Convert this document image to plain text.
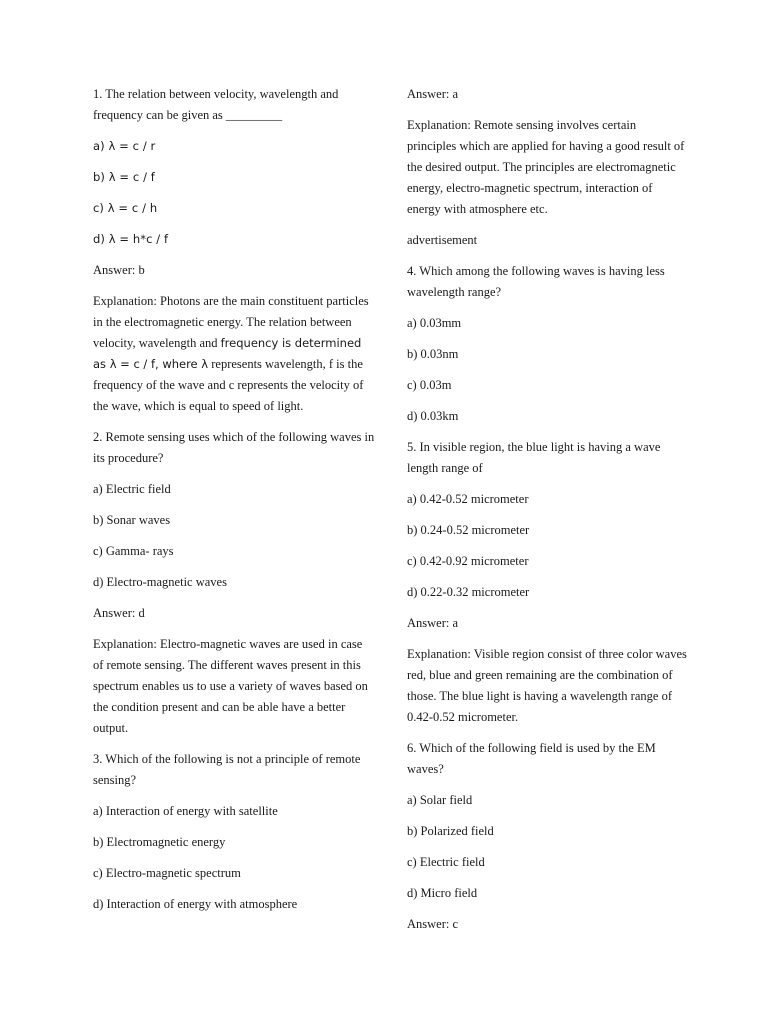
1. The relation between velocity, wavelength and frequency can be given as _________

a) λ = c / r

b) λ = c / f

c) λ = c / h

d) λ = h*c / f

Answer: b

Explanation: Photons are the main constituent particles in the electromagnetic energy. The relation between velocity, wavelength and frequency is determined as λ = c / f, where λ represents wavelength, f is the frequency of the wave and c represents the velocity of the wave, which is equal to speed of light.

2. Remote sensing uses which of the following waves in its procedure?

a) Electric field

b) Sonar waves

c) Gamma- rays

d) Electro-magnetic waves

Answer: d

Explanation: Electro-magnetic waves are used in case of remote sensing. The different waves present in this spectrum enables us to use a variety of waves based on the condition present and can be able have a better output.

3. Which of the following is not a principle of remote sensing?

a) Interaction of energy with satellite

b) Electromagnetic energy

c) Electro-magnetic spectrum

d) Interaction of energy with atmosphere

Answer: a

Explanation: Remote sensing involves certain principles which are applied for having a good result of the desired output. The principles are electromagnetic energy, electro-magnetic spectrum, interaction of energy with atmosphere etc.

advertisement

4. Which among the following waves is having less wavelength range?

a) 0.03mm

b) 0.03nm

c) 0.03m

d) 0.03km

5. In visible region, the blue light is having a wave length range of

a) 0.42-0.52 micrometer

b) 0.24-0.52 micrometer

c) 0.42-0.92 micrometer

d) 0.22-0.32 micrometer

Answer: a

Explanation: Visible region consist of three color waves red, blue and green remaining are the combination of those. The blue light is having a wavelength range of 0.42-0.52 micrometer.

6. Which of the following field is used by the EM waves?

a) Solar field

b) Polarized field

c) Electric field

d) Micro field

Answer: c
